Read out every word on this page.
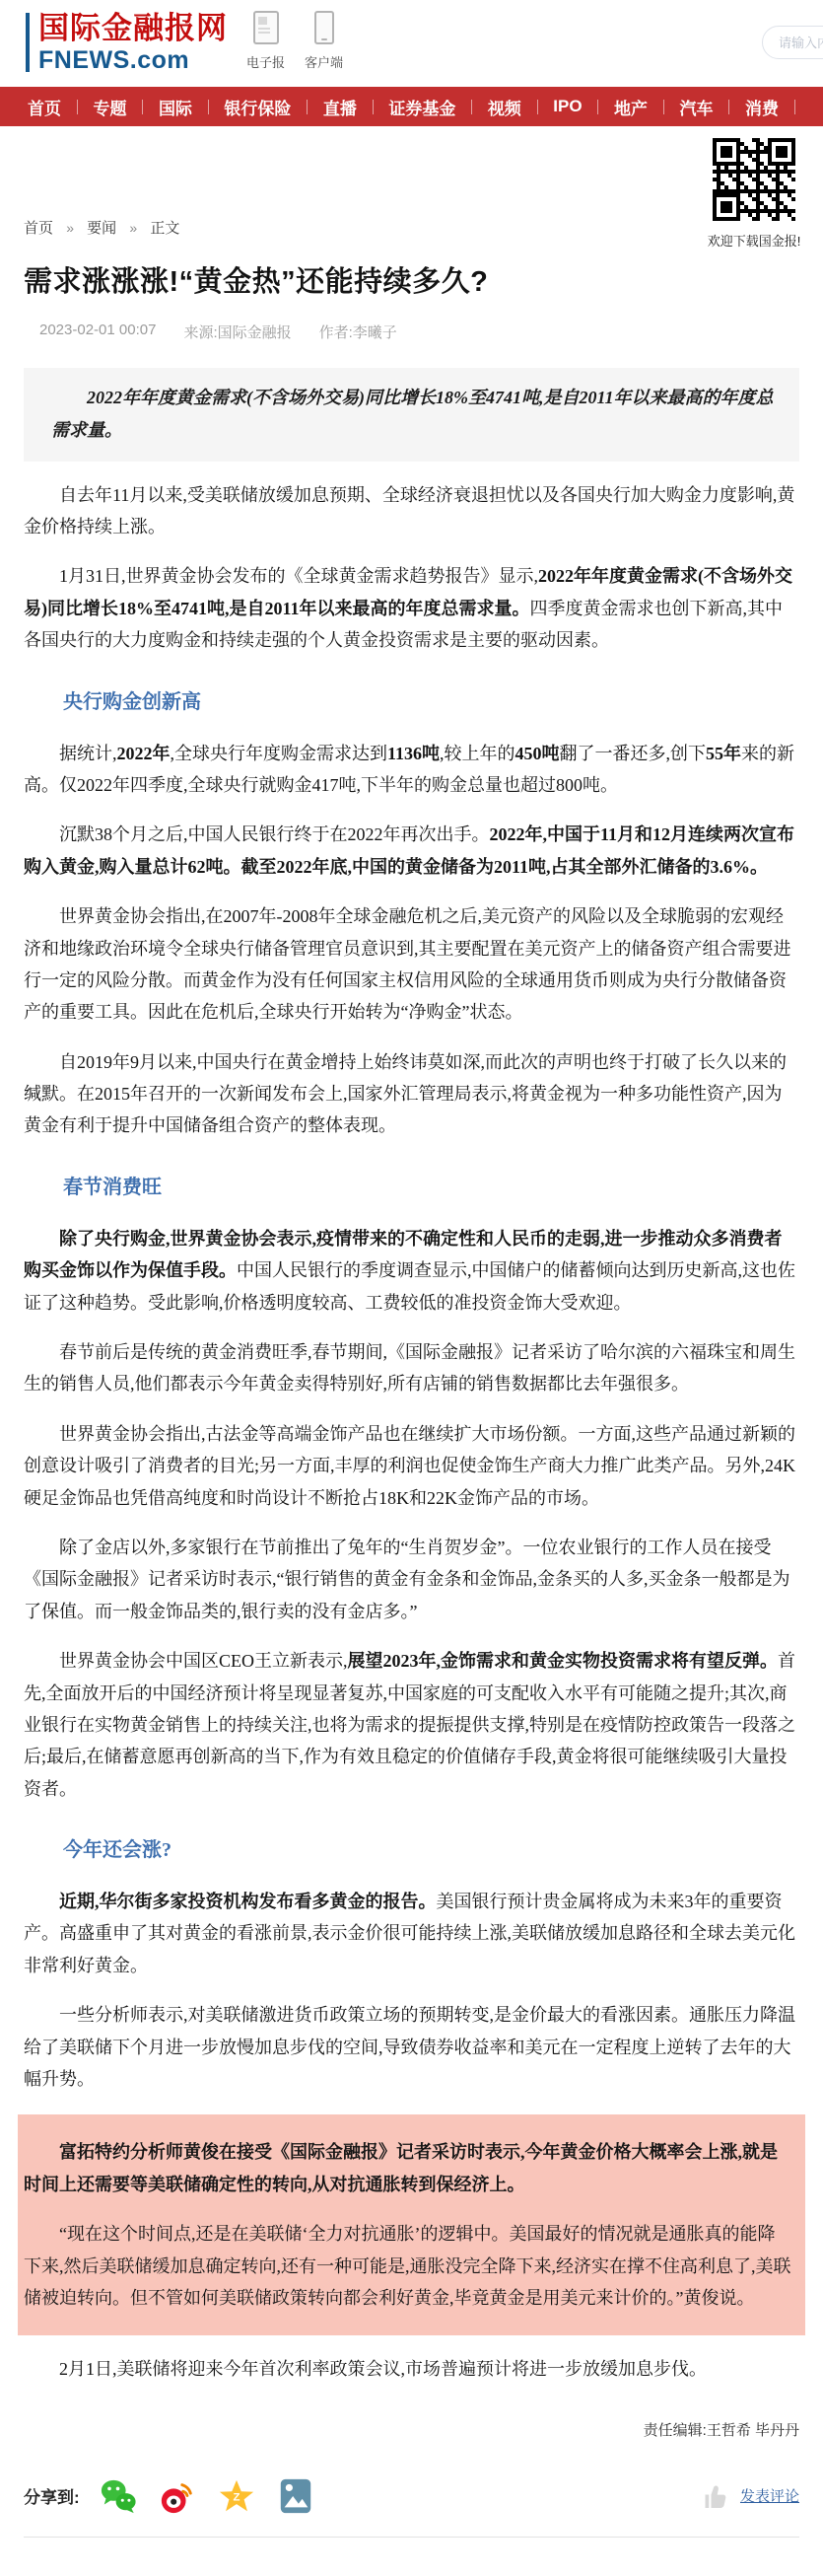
国际金融报网
FNEWS.com	电子报 客户端
请输入内容
首页 专题 国际 银行保险 直播 证券基金 视频 IPO 地产 汽车 消费
欢迎下载国金报!
首页 » 要闻 » 正文
需求涨涨涨!“黄金热”还能持续多久?
2023-02-01 00:07 来源:国际金融报 作者:李曦子
2022年年度黄金需求(不含场外交易)同比增长18%至4741吨,是自2011年以来最高的年度总需求量。

自去年11月以来,受美联储放缓加息预期、全球经济衰退担忧以及各国央行加大购金力度影响,黄金价格持续上涨。

1月31日,世界黄金协会发布的《全球黄金需求趋势报告》显示,2022年年度黄金需求(不含场外交易)同比增长18%至4741吨,是自2011年以来最高的年度总需求量。四季度黄金需求也创下新高,其中各国央行的大力度购金和持续走强的个人黄金投资需求是主要的驱动因素。

央行购金创新高

据统计,2022年,全球央行年度购金需求达到1136吨,较上年的450吨翻了一番还多,创下55年来的新高。仅2022年四季度,全球央行就购金417吨,下半年的购金总量也超过800吨。

沉默38个月之后,中国人民银行终于在2022年再次出手。2022年,中国于11月和12月连续两次宣布购入黄金,购入量总计62吨。截至2022年底,中国的黄金储备为2011吨,占其全部外汇储备的3.6%。

世界黄金协会指出,在2007年-2008年全球金融危机之后,美元资产的风险以及全球脆弱的宏观经济和地缘政治环境令全球央行储备管理官员意识到,其主要配置在美元资产上的储备资产组合需要进行一定的风险分散。而黄金作为没有任何国家主权信用风险的全球通用货币则成为央行分散储备资产的重要工具。因此在危机后,全球央行开始转为“净购金”状态。

自2019年9月以来,中国央行在黄金增持上始终讳莫如深,而此次的声明也终于打破了长久以来的缄默。在2015年召开的一次新闻发布会上,国家外汇管理局表示,将黄金视为一种多功能性资产,因为黄金有利于提升中国储备组合资产的整体表现。

春节消费旺

除了央行购金,世界黄金协会表示,疫情带来的不确定性和人民币的走弱,进一步推动众多消费者购买金饰以作为保值手段。中国人民银行的季度调查显示,中国储户的储蓄倾向达到历史新高,这也佐证了这种趋势。受此影响,价格透明度较高、工费较低的准投资金饰大受欢迎。

春节前后是传统的黄金消费旺季,春节期间,《国际金融报》记者采访了哈尔滨的六福珠宝和周生生的销售人员,他们都表示今年黄金卖得特别好,所有店铺的销售数据都比去年强很多。

世界黄金协会指出,古法金等高端金饰产品也在继续扩大市场份额。一方面,这些产品通过新颖的创意设计吸引了消费者的目光;另一方面,丰厚的利润也促使金饰生产商大力推广此类产品。另外,24K硬足金饰品也凭借高纯度和时尚设计不断抢占18K和22K金饰产品的市场。

除了金店以外,多家银行在节前推出了兔年的“生肖贺岁金”。一位农业银行的工作人员在接受《国际金融报》记者采访时表示,“银行销售的黄金有金条和金饰品,金条买的人多,买金条一般都是为了保值。而一般金饰品类的,银行卖的没有金店多。”

世界黄金协会中国区CEO王立新表示,展望2023年,金饰需求和黄金实物投资需求将有望反弹。首先,全面放开后的中国经济预计将呈现显著复苏,中国家庭的可支配收入水平有可能随之提升;其次,商业银行在实物黄金销售上的持续关注,也将为需求的提振提供支撑,特别是在疫情防控政策告一段落之后;最后,在储蓄意愿再创新高的当下,作为有效且稳定的价值储存手段,黄金将很可能继续吸引大量投资者。

今年还会涨?

近期,华尔街多家投资机构发布看多黄金的报告。美国银行预计贵金属将成为未来3年的重要资产。高盛重申了其对黄金的看涨前景,表示金价很可能持续上涨,美联储放缓加息路径和全球去美元化非常利好黄金。

一些分析师表示,对美联储激进货币政策立场的预期转变,是金价最大的看涨因素。通胀压力降温给了美联储下个月进一步放慢加息步伐的空间,导致债券收益率和美元在一定程度上逆转了去年的大幅升势。

富拓特约分析师黄俊在接受《国际金融报》记者采访时表示,今年黄金价格大概率会上涨,就是时间上还需要等美联储确定性的转向,从对抗通胀转到保经济上。

“现在这个时间点,还是在美联储‘全力对抗通胀’的逻辑中。美国最好的情况就是通胀真的能降下来,然后美联储缓加息确定转向,还有一种可能是,通胀没完全降下来,经济实在撑不住高利息了,美联储被迫转向。但不管如何美联储政策转向都会利好黄金,毕竟黄金是用美元来计价的。”黄俊说。

2月1日,美联储将迎来今年首次利率政策会议,市场普遍预计将进一步放缓加息步伐。

责任编辑:王哲希 毕丹丹
分享到:	Z	发表评论
